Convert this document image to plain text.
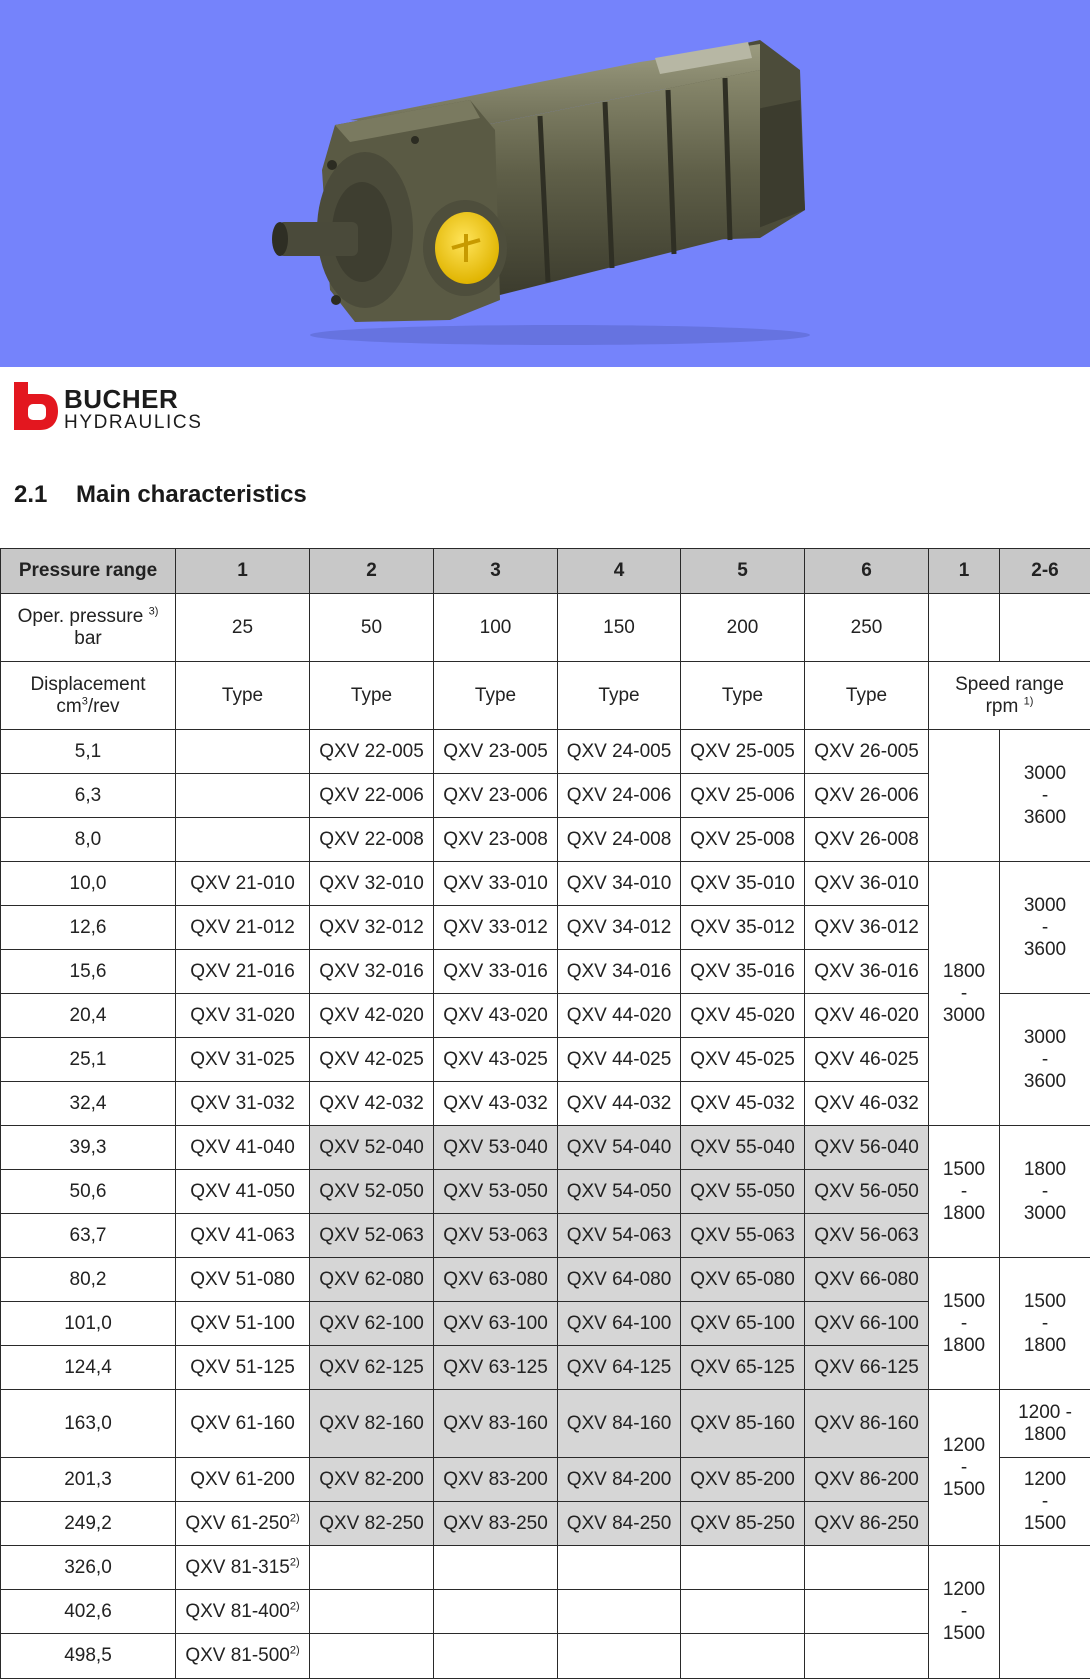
BUCHER
HYDRAULICS
2.1 Main characteristics
Pressure range	1	2	3	4	5	6	1	2-6
Oper. pressure $^{3)}$
bar	25	50	100	150	200	250		
Displacement
$cm^3$/rev	Type	Type	Type	Type	Type	Type	Speed range
rpm $^{1)}$
5,1		QXV 22-005	QXV 23-005	QXV 24-005	QXV 25-005	QXV 26-005		3000
-
3600
6,3		QXV 22-006	QXV 23-006	QXV 24-006	QXV 25-006	QXV 26-006		
8,0		QXV 22-008	QXV 23-008	QXV 24-008	QXV 25-008	QXV 26-008		
10,0	QXV 21-010	QXV 32-010	QXV 33-010	QXV 34-010	QXV 35-010	QXV 36-010	1800
-
3000	3000
-
3600
12,6	QXV 21-012	QXV 32-012	QXV 33-012	QXV 34-012	QXV 35-012	QXV 36-012		
15,6	QXV 21-016	QXV 32-016	QXV 33-016	QXV 34-016	QXV 35-016	QXV 36-016		
20,4	QXV 31-020	QXV 42-020	QXV 43-020	QXV 44-020	QXV 45-020	QXV 46-020		3000
-
3600
25,1	QXV 31-025	QXV 42-025	QXV 43-025	QXV 44-025	QXV 45-025	QXV 46-025		
32,4	QXV 31-032	QXV 42-032	QXV 43-032	QXV 44-032	QXV 45-032	QXV 46-032		
39,3	QXV 41-040	QXV 52-040	QXV 53-040	QXV 54-040	QXV 55-040	QXV 56-040	1500
-
1800	1800
-
3000
50,6	QXV 41-050	QXV 52-050	QXV 53-050	QXV 54-050	QXV 55-050	QXV 56-050		
63,7	QXV 41-063	QXV 52-063	QXV 53-063	QXV 54-063	QXV 55-063	QXV 56-063		
80,2	QXV 51-080	QXV 62-080	QXV 63-080	QXV 64-080	QXV 65-080	QXV 66-080	1500
-
1800	1500
-
1800
101,0	QXV 51-100	QXV 62-100	QXV 63-100	QXV 64-100	QXV 65-100	QXV 66-100		
124,4	QXV 51-125	QXV 62-125	QXV 63-125	QXV 64-125	QXV 65-125	QXV 66-125		
163,0	QXV 61-160	QXV 82-160	QXV 83-160	QXV 84-160	QXV 85-160	QXV 86-160	1200
-
1500	1200 -
1800
201,3	QXV 61-200	QXV 82-200	QXV 83-200	QXV 84-200	QXV 85-200	QXV 86-200		1200
-
1500
249,2	QXV 61-250$^{2)}$	QXV 82-250	QXV 83-250	QXV 84-250	QXV 85-250	QXV 86-250		
326,0	QXV 81-315$^{2)}$						1200
-
1500	
402,6	QXV 81-400$^{2)}$					
498,5	QXV 81-500$^{2)}$					
